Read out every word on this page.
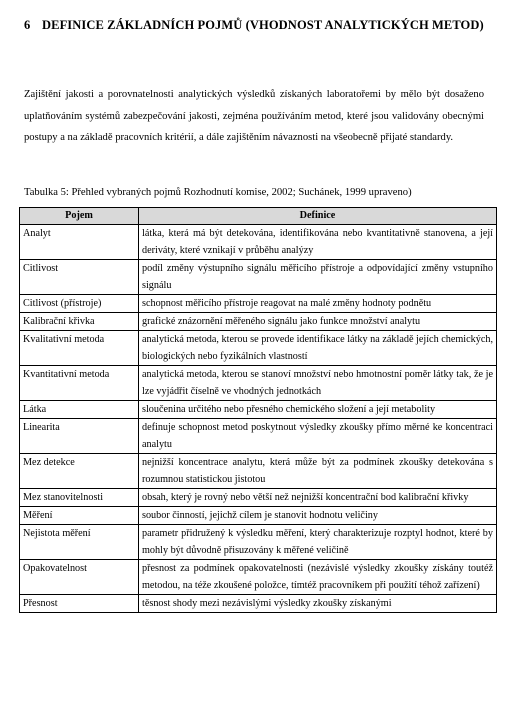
6 DEFINICE ZÁKLADNÍCH POJMŮ (VHODNOST ANALYTICKÝCH METOD)

Zajištění jakosti a porovnatelnosti analytických výsledků získaných laboratořemi by mělo být dosaženo uplatňováním systémů zabezpečování jakosti, zejména používáním metod, které jsou validovány obecnými postupy a na základě pracovních kritérií, a dále zajištěním návaznosti na všeobecně přijaté standardy.

Tabulka 5: Přehled vybraných pojmů Rozhodnutí komise, 2002; Suchánek, 1999 upraveno)
Pojem	Definice
Analyt	látka, která má být detekována, identifikována nebo kvantitativně stanovena, a její deriváty, které vznikají v průběhu analýzy
Citlivost	podíl změny výstupního signálu měřicího přístroje a odpovídající změny vstupního signálu
Citlivost (přístroje)	schopnost měřicího přístroje reagovat na malé změny hodnoty podnětu
Kalibrační křivka	grafické znázornění měřeného signálu jako funkce množství analytu
Kvalitativní metoda	analytická metoda, kterou se provede identifikace látky na základě jejích chemických, biologických nebo fyzikálních vlastností
Kvantitativní metoda	analytická metoda, kterou se stanoví množství nebo hmotnostní poměr látky tak, že je lze vyjádřit číselně ve vhodných jednotkách
Látka	sloučenina určitého nebo přesného chemického složení a její metabolity
Linearita	definuje schopnost metod poskytnout výsledky zkoušky přímo měrné ke koncentraci analytu
Mez detekce	nejnižší koncentrace analytu, která může být za podmínek zkoušky detekována s rozumnou statistickou jistotou
Mez stanovitelnosti	obsah, který je rovný nebo větší než nejnižší koncentrační bod kalibrační křivky
Měření	soubor činností, jejichž cílem je stanovit hodnotu veličiny
Nejistota měření	parametr přidružený k výsledku měření, který charakterizuje rozptyl hodnot, které by mohly být důvodně přisuzovány k měřené veličině
Opakovatelnost	přesnost za podmínek opakovatelnosti (nezávislé výsledky zkoušky získány toutéž metodou, na téže zkoušené položce, tímtéž pracovníkem při použití téhož zařízení)
Přesnost	těsnost shody mezi nezávislými výsledky zkoušky získanými
